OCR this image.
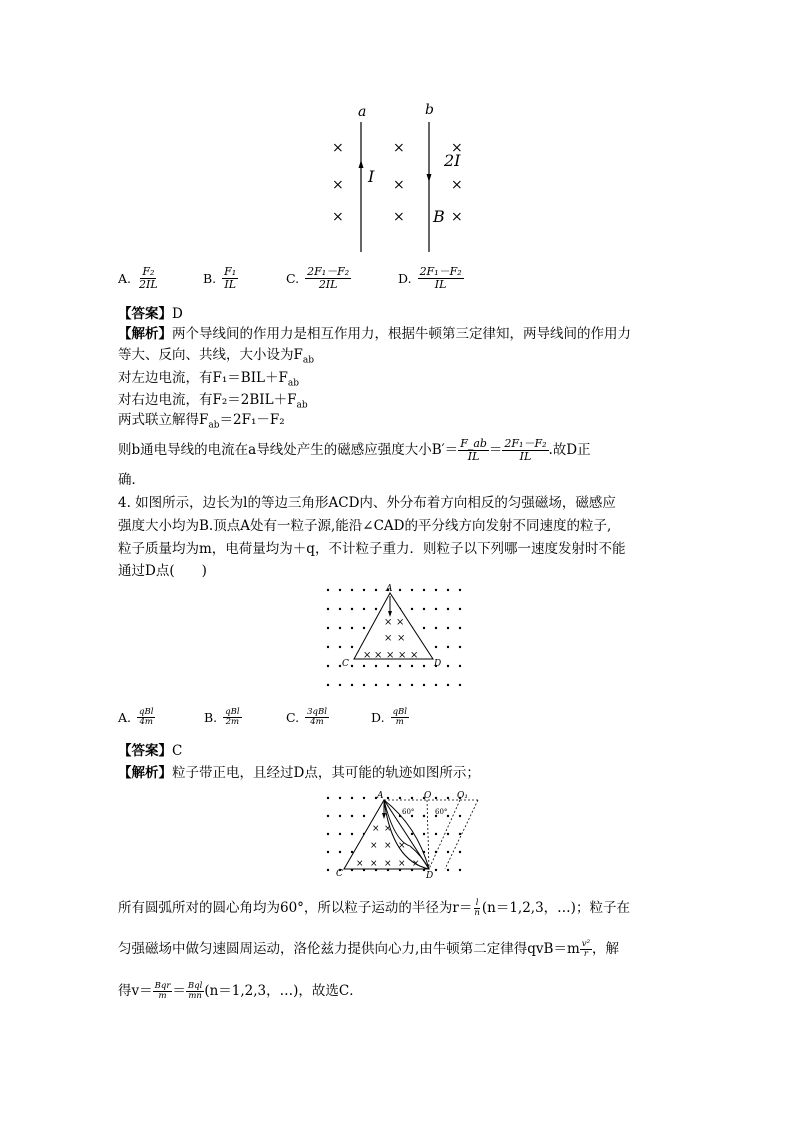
a	b
I
2I
B
×	×	×
×	×	×
×	×	×
A. $\frac{\text{F₂}}{2IL}$	B. $\frac{\text{F₁}}{IL}$	C. $\frac{\text{2F₁－F₂}}{2IL}$	D. $\frac{\text{2F₁－F₂}}{IL}$
【答案】D
【解析】两个导线间的作用力是相互作用力，根据牛顿第三定律知，两导线间的作用力
等大、反向、共线，大小设为$F_{ab}$
对左边电流，有$F_1=BIL+F_{ab}$
对右边电流，有$F_2=2BIL+F_{ab}$
两式联立解得$F_{ab}=2F_1-F_2$
则b通电导线的电流在a导线处产生的磁感应强度大小$B'= \frac{F\_ab}{IL} = \frac{\text{2F₁－F₂}}{IL}$ .故D正
确．
4. 如图所示，边长为l的等边三角形ACD内、外分布着方向相反的匀强磁场，磁感应
强度大小均为B.顶点A处有一粒子源,能沿∠CAD的平分线方向发射不同速度的粒子,
粒子质量均为m，电荷量均为＋q，不计粒子重力．则粒子以下列哪一速度发射时不能
通过D点(　　)
× ×
× ×
× × × × ×
A
C	D
A. $\frac{\text{qBl}}{4m}$	B. $\frac{\text{qBl}}{2m}$	C. $\frac{\text{3qBl}}{4m}$	D. $\frac{\text{qBl}}{m}$
【答案】C
【解析】粒子带正电，且经过D点，其可能的轨迹如图所示；
× ×
× × ×
× × × × ×
A	O	O₁
60°	60°
C	D
所有圆弧所对的圆心角均为60°，所以粒子运动的半径为$r= \frac{l}{n} (n=1,2,3$，…)；粒子在
匀强磁场中做匀速圆周运动，洛伦兹力提供向心力,由牛顿第二定律得$qvB=m \frac{\text{v²}}{r}$ ，解
得$v= \frac{\text{Bqr}}{m} = \frac{\text{Bql}}{mn} (n=1,2,3$，…)，故选C．
